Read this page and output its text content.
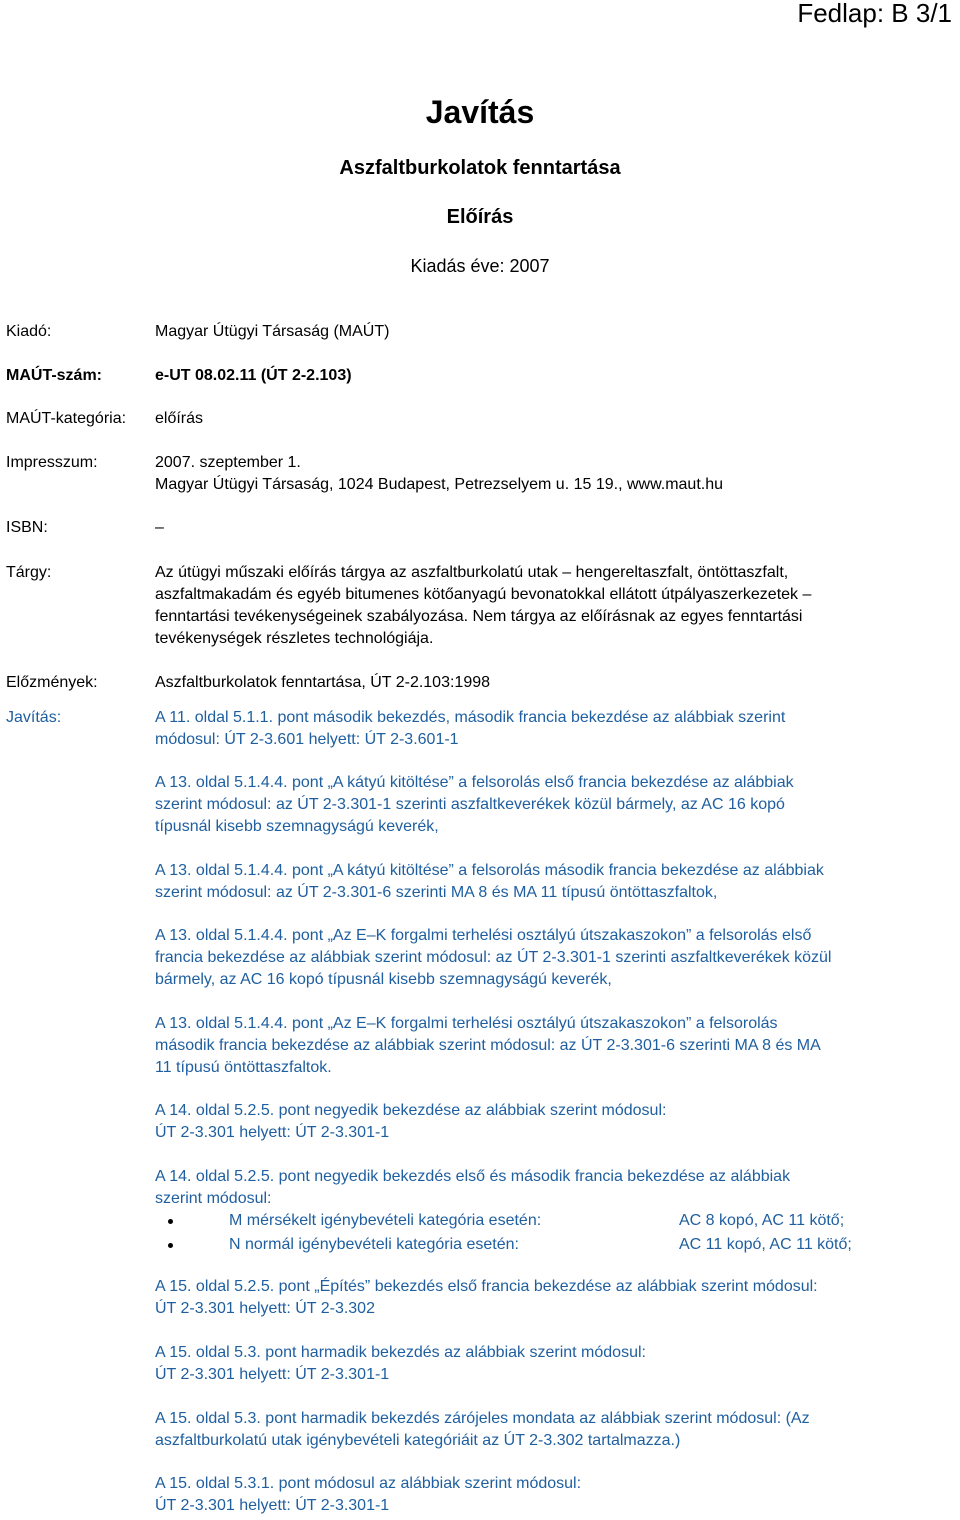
Fedlap: B 3/1
Javítás
Aszfaltburkolatok fenntartása
Előírás
Kiadás éve: 2007
Kiadó:	Magyar Útügyi Társaság (MAÚT)
MAÚT-szám:	e-UT 08.02.11 (ÚT 2-2.103)
MAÚT-kategória: előírás
Impresszum:	2007. szeptember 1.
Magyar Útügyi Társaság, 1024 Budapest, Petrezselyem u. 15 19., www.maut.hu
ISBN:	–
Tárgy:	Az útügyi műszaki előírás tárgya az aszfaltburkolatú utak – hengereltaszfalt, öntöttaszfalt,
aszfaltmakadám és egyéb bitumenes kötőanyagú bevonatokkal ellátott útpályaszerkezetek –
fenntartási tevékenységeinek szabályozása. Nem tárgya az előírásnak az egyes fenntartási
tevékenységek részletes technológiája.
Előzmények:	Aszfaltburkolatok fenntartása, ÚT 2-2.103:1998
Javítás:	A 11. oldal 5.1.1. pont második bekezdés, második francia bekezdése az alábbiak szerint
módosul: ÚT 2-3.601 helyett: ÚT 2-3.601-1
A 13. oldal 5.1.4.4. pont „A kátyú kitöltése” a felsorolás első francia bekezdése az alábbiak
szerint módosul: az ÚT 2-3.301-1 szerinti aszfaltkeverékek közül bármely, az AC 16 kopó
típusnál kisebb szemnagyságú keverék,
A 13. oldal 5.1.4.4. pont „A kátyú kitöltése” a felsorolás második francia bekezdése az alábbiak
szerint módosul: az ÚT 2-3.301-6 szerinti MA 8 és MA 11 típusú öntöttaszfaltok,
A 13. oldal 5.1.4.4. pont „Az E–K forgalmi terhelési osztályú útszakaszokon” a felsorolás első
francia bekezdése az alábbiak szerint módosul: az ÚT 2-3.301-1 szerinti aszfaltkeverékek közül
bármely, az AC 16 kopó típusnál kisebb szemnagyságú keverék,
A 13. oldal 5.1.4.4. pont „Az E–K forgalmi terhelési osztályú útszakaszokon” a felsorolás
második francia bekezdése az alábbiak szerint módosul: az ÚT 2-3.301-6 szerinti MA 8 és MA
11 típusú öntöttaszfaltok.
A 14. oldal 5.2.5. pont negyedik bekezdése az alábbiak szerint módosul:
ÚT 2-3.301 helyett: ÚT 2-3.301-1
A 14. oldal 5.2.5. pont negyedik bekezdés első és második francia bekezdése az alábbiak
szerint módosul:
M mérsékelt igénybevételi kategória esetén:	AC 8 kopó, AC 11 kötő;
N normál igénybevételi kategória esetén:	AC 11 kopó, AC 11 kötő;
A 15. oldal 5.2.5. pont „Építés” bekezdés első francia bekezdése az alábbiak szerint módosul:
ÚT 2-3.301 helyett: ÚT 2-3.302
A 15. oldal 5.3. pont harmadik bekezdés az alábbiak szerint módosul:
ÚT 2-3.301 helyett: ÚT 2-3.301-1
A 15. oldal 5.3. pont harmadik bekezdés zárójeles mondata az alábbiak szerint módosul: (Az
aszfaltburkolatú utak igénybevételi kategóriáit az ÚT 2-3.302 tartalmazza.)
A 15. oldal 5.3.1. pont módosul az alábbiak szerint módosul:
ÚT 2-3.301 helyett: ÚT 2-3.301-1
